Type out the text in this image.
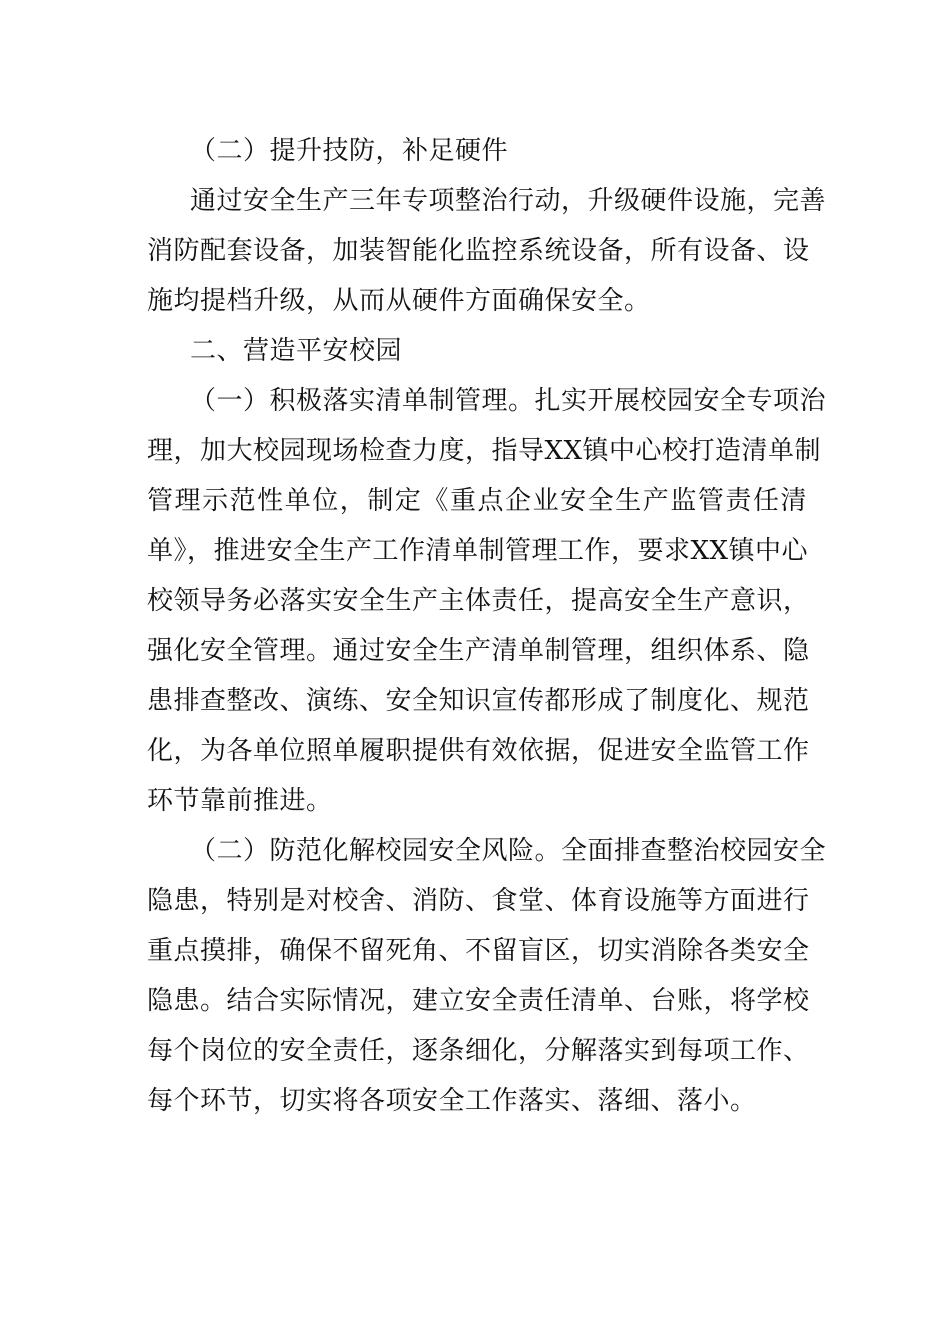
（二）提升技防，补足硬件
通过安全生产三年专项整治行动，升级硬件设施，完善
消防配套设备，加装智能化监控系统设备，所有设备、设
施均提档升级，从而从硬件方面确保安全。
二、营造平安校园
（一）积极落实清单制管理。扎实开展校园安全专项治
理，加大校园现场检查力度，指导XX镇中心校打造清单制
管理示范性单位，制定《重点企业安全生产监管责任清
单》，推进安全生产工作清单制管理工作，要求XX镇中心
校领导务必落实安全生产主体责任，提高安全生产意识，
强化安全管理。通过安全生产清单制管理，组织体系、隐
患排查整改、演练、安全知识宣传都形成了制度化、规范
化，为各单位照单履职提供有效依据，促进安全监管工作
环节靠前推进。
（二）防范化解校园安全风险。全面排查整治校园安全
隐患，特别是对校舍、消防、食堂、体育设施等方面进行
重点摸排，确保不留死角、不留盲区，切实消除各类安全
隐患。结合实际情况，建立安全责任清单、台账，将学校
每个岗位的安全责任，逐条细化，分解落实到每项工作、
每个环节，切实将各项安全工作落实、落细、落小。
